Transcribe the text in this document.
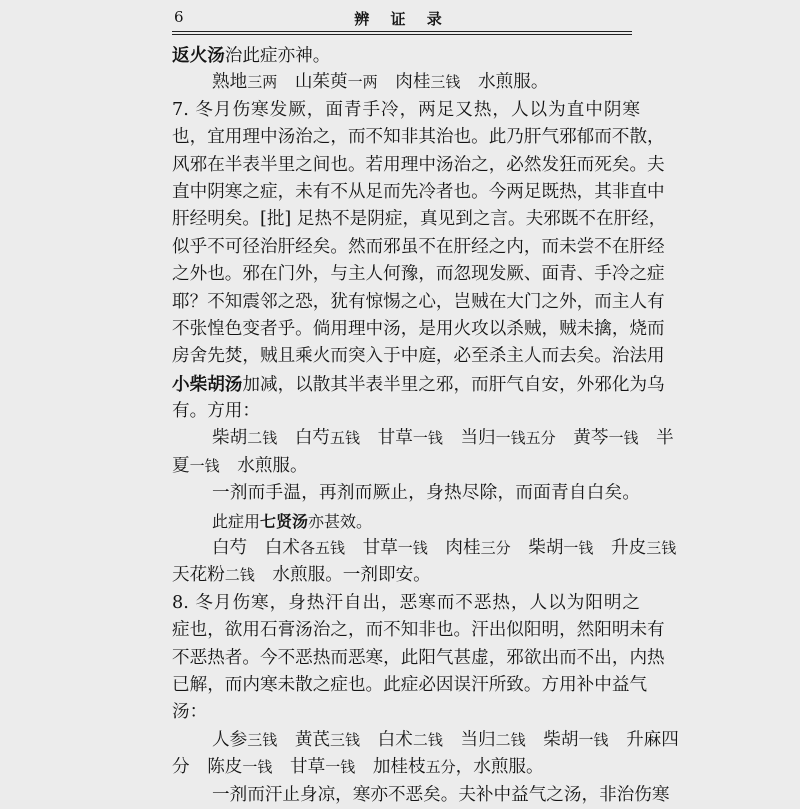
6	辨 证 录
返火汤治此症亦神。
熟地三两　山茱萸一两　肉桂三钱　水煎服。
7. 冬月伤寒发厥，面青手冷，两足又热，人以为直中阴寒
也，宜用理中汤治之，而不知非其治也。此乃肝气邪郁而不散，
风邪在半表半里之间也。若用理中汤治之，必然发狂而死矣。夫
直中阴寒之症，未有不从足而先冷者也。今两足既热，其非直中
肝经明矣。[批] 足热不是阴症，真见到之言。夫邪既不在肝经，
似乎不可径治肝经矣。然而邪虽不在肝经之内，而未尝不在肝经
之外也。邪在门外，与主人何豫，而忽现发厥、面青、手冷之症
耶？不知震邻之恐，犹有惊惕之心，岂贼在大门之外，而主人有
不张惶色变者乎。倘用理中汤，是用火攻以杀贼，贼未擒，烧而
房舍先焚，贼且乘火而突入于中庭，必至杀主人而去矣。治法用
小柴胡汤加减，以散其半表半里之邪，而肝气自安，外邪化为乌
有。方用：
柴胡二钱　白芍五钱　甘草一钱　当归一钱五分　黄芩一钱　半
夏一钱　水煎服。
一剂而手温，再剂而厥止，身热尽除，而面青自白矣。
此症用七贤汤亦甚效。
白芍　白术各五钱　甘草一钱　肉桂三分　柴胡一钱　升皮三钱
天花粉二钱　水煎服。一剂即安。
8. 冬月伤寒，身热汗自出，恶寒而不恶热，人以为阳明之
症也，欲用石膏汤治之，而不知非也。汗出似阳明，然阳明未有
不恶热者。今不恶热而恶寒，此阳气甚虚，邪欲出而不出，内热
已解，而内寒未散之症也。此症必因误汗所致。方用补中益气
汤：
人参三钱　黄芪三钱　白术二钱　当归二钱　柴胡一钱　升麻四
分　陈皮一钱　甘草一钱　加桂枝五分，水煎服。
一剂而汗止身凉，寒亦不恶矣。夫补中益气之汤，非治伤寒
